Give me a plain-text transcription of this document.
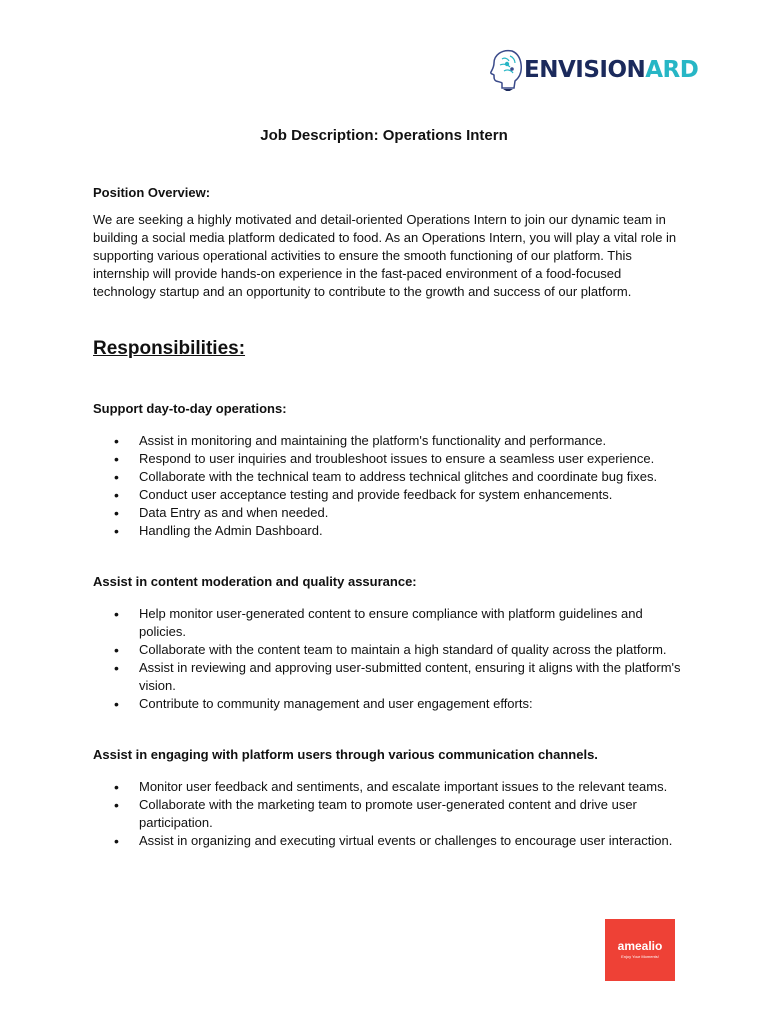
ENVISIONARD
Job Description: Operations Intern
Position Overview:
We are seeking a highly motivated and detail-oriented Operations Intern to join our dynamic team in building a social media platform dedicated to food. As an Operations Intern, you will play a vital role in supporting various operational activities to ensure the smooth functioning of our platform. This internship will provide hands-on experience in the fast-paced environment of a food-focused technology startup and an opportunity to contribute to the growth and success of our platform.
Responsibilities:

Support day-to-day operations:

• Assist in monitoring and maintaining the platform's functionality and performance.
• Respond to user inquiries and troubleshoot issues to ensure a seamless user experience.
• Collaborate with the technical team to address technical glitches and coordinate bug fixes.
• Conduct user acceptance testing and provide feedback for system enhancements.
• Data Entry as and when needed.
• Handling the Admin Dashboard.

Assist in content moderation and quality assurance:

• Help monitor user-generated content to ensure compliance with platform guidelines and policies.
• Collaborate with the content team to maintain a high standard of quality across the platform.
• Assist in reviewing and approving user-submitted content, ensuring it aligns with the platform's vision.
• Contribute to community management and user engagement efforts:

Assist in engaging with platform users through various communication channels.

• Monitor user feedback and sentiments, and escalate important issues to the relevant teams.
• Collaborate with the marketing team to promote user-generated content and drive user participation.
• Assist in organizing and executing virtual events or challenges to encourage user interaction.
amealio
Enjoy Your Moments!
